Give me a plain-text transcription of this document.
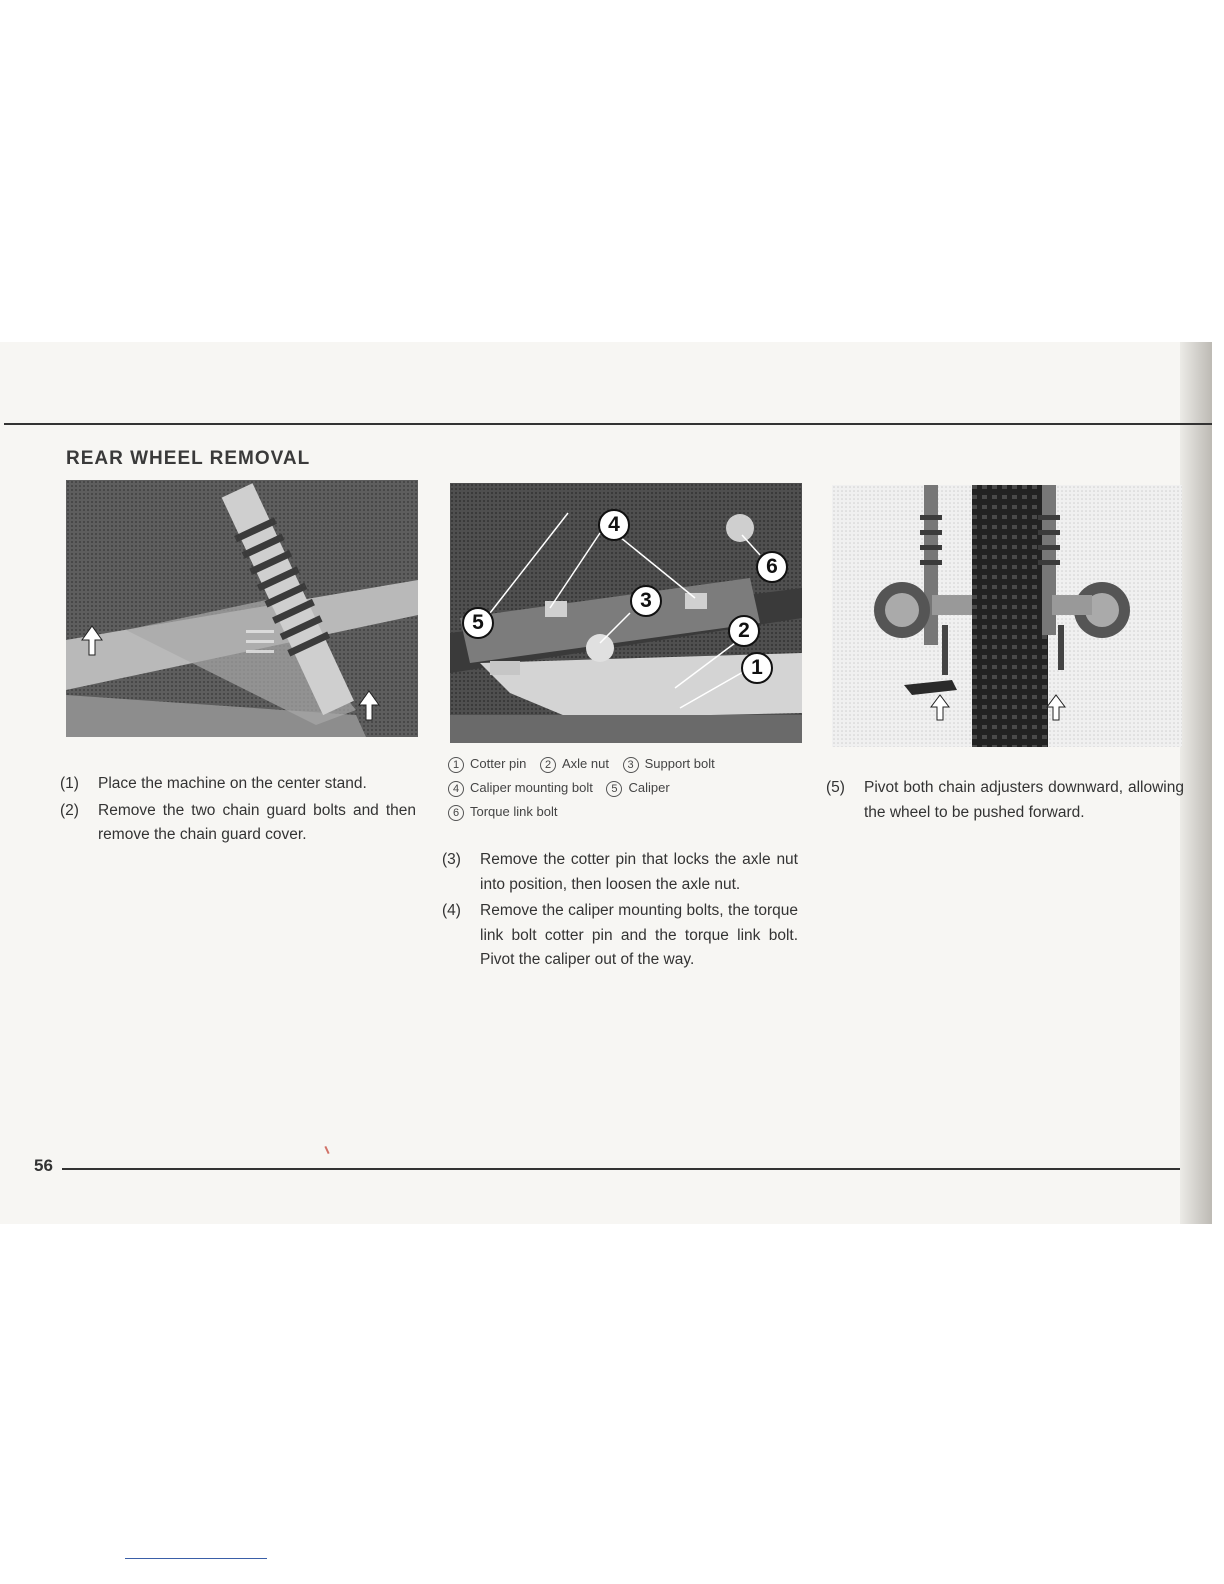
REAR WHEEL REMOVAL
4
6
3
5	2
1
1 Cotter pin 2 Axle nut 3 Support bolt
4 Caliper mounting bolt 5 Caliper
6 Torque link bolt
(1)	Place the machine on the center stand.
(2)	Remove the two chain guard bolts and then remove the chain guard cover.
(3)	Remove the cotter pin that locks the axle nut into position, then loosen the axle nut.
(4)	Remove the caliper mounting bolts, the torque link bolt cotter pin and the torque link bolt. Pivot the caliper out of the way.
(5)	Pivot both chain adjusters downward, allowing the wheel to be pushed forward.
56
